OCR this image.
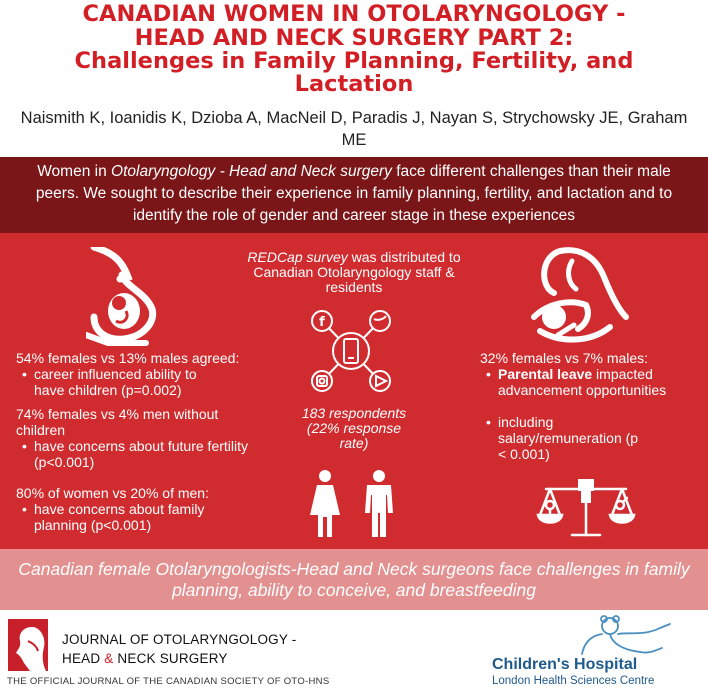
CANADIAN WOMEN IN OTOLARYNGOLOGY -
HEAD AND NECK SURGERY PART 2:
Challenges in Family Planning, Fertility, and
Lactation
Naismith K, Ioanidis K, Dzioba A, MacNeil D, Paradis J, Nayan S, Strychowsky JE, Graham ME
Women in Otolaryngology - Head and Neck surgery face different challenges than their male peers. We sought to describe their experience in family planning, fertility, and lactation and to identify the role of gender and career stage in these experiences
54% females vs 13% males agreed:
• career influenced ability to have children (p=0.002)
74% females vs 4% men without children
• have concerns about future fertility (p<0.001)
80% of women vs 20% of men:
• have concerns about family planning (p<0.001)
REDCap survey was distributed to Canadian Otolaryngology staff & residents
f
183 respondents (22% response rate)
32% females vs 7% males:
• Parental leave impacted advancement opportunities
• including salary/remuneration (p < 0.001)
Canadian female Otolaryngologists-Head and Neck surgeons face challenges in family planning, ability to conceive, and breastfeeding
JOURNAL OF OTOLARYNGOLOGY -
HEAD & NECK SURGERY
THE OFFICIAL JOURNAL OF THE CANADIAN SOCIETY OF OTO-HNS
Children's Hospital
London Health Sciences Centre
